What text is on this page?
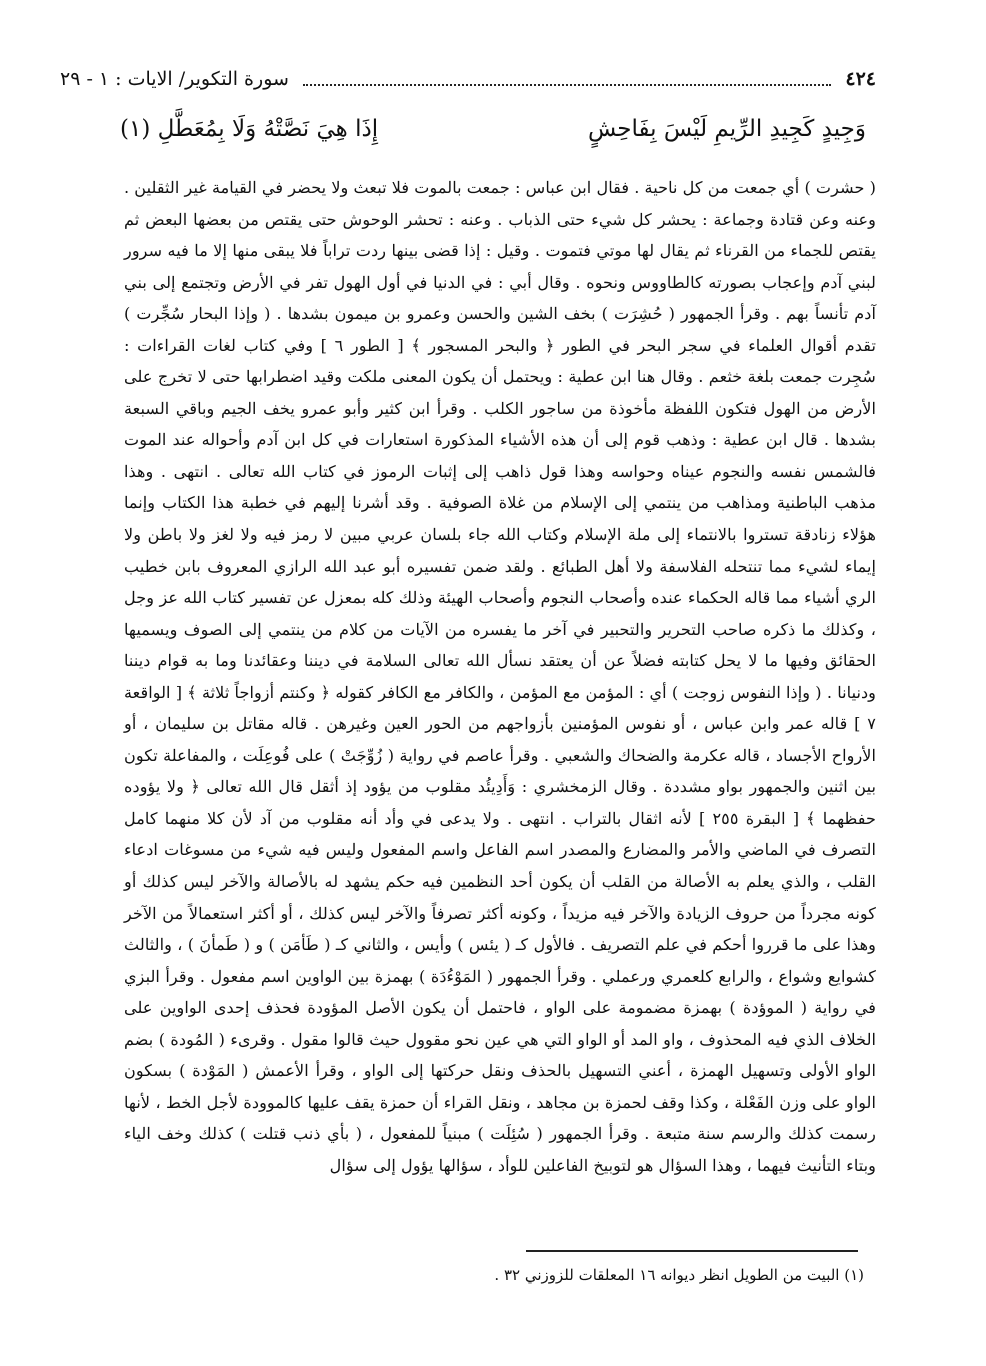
٤٢٤
سورة التكوير/ الايات : ١ - ٢٩
وَجِيدٍ كَجِيدِ الرِّيمِ لَيْسَ بِفَاحِشٍ
إِذَا هِيَ نَصَّتْهُ وَلَا بِمُعَطَّلِ (١)

( حشرت ) أي جمعت من كل ناحية . فقال ابن عباس : جمعت بالموت فلا تبعث ولا يحضر في القيامة غير الثقلين . وعنه وعن قتادة وجماعة : يحشر كل شيء حتى الذباب . وعنه : تحشر الوحوش حتى يقتص من بعضها البعض ثم يقتص للجماء من القرناء ثم يقال لها موتي فتموت . وقيل : إذا قضى بينها ردت تراباً فلا يبقى منها إلا ما فيه سرور لبني آدم وإعجاب بصورته كالطاووس ونحوه . وقال أبي : في الدنيا في أول الهول تفر في الأرض وتجتمع إلى بني آدم تأنساً بهم . وقرأ الجمهور ( حُشِرَت ) بخف الشين والحسن وعمرو بن ميمون بشدها . ( وإذا البحار سُجِّرت ) تقدم أقوال العلماء في سجر البحر في الطور ﴿ والبحر المسجور ﴾ [ الطور ٦ ] وفي كتاب لغات القراءات : سُجِرت جمعت بلغة خثعم . وقال هنا ابن عطية : ويحتمل أن يكون المعنى ملكت وقيد اضطرابها حتى لا تخرج على الأرض من الهول فتكون اللفظة مأخوذة من ساجور الكلب . وقرأ ابن كثير وأبو عمرو يخف الجيم وباقي السبعة بشدها . قال ابن عطية : وذهب قوم إلى أن هذه الأشياء المذكورة استعارات في كل ابن آدم وأحواله عند الموت فالشمس نفسه والنجوم عيناه وحواسه وهذا قول ذاهب إلى إثبات الرموز في كتاب الله تعالى . انتهى . وهذا مذهب الباطنية ومذاهب من ينتمي إلى الإسلام من غلاة الصوفية . وقد أشرنا إليهم في خطبة هذا الكتاب وإنما هؤلاء زنادقة تستروا بالانتماء إلى ملة الإسلام وكتاب الله جاء بلسان عربي مبين لا رمز فيه ولا لغز ولا باطن ولا إيماء لشيء مما تنتحله الفلاسفة ولا أهل الطبائع . ولقد ضمن تفسيره أبو عبد الله الرازي المعروف بابن خطيب الري أشياء مما قاله الحكماء عنده وأصحاب النجوم وأصحاب الهيئة وذلك كله بمعزل عن تفسير كتاب الله عز وجل ، وكذلك ما ذكره صاحب التحرير والتحبير في آخر ما يفسره من الآيات من كلام من ينتمي إلى الصوف ويسميها الحقائق وفيها ما لا يحل كتابته فضلاً عن أن يعتقد نسأل الله تعالى السلامة في ديننا وعقائدنا وما به قوام ديننا ودنيانا . ( وإذا النفوس زوجت ) أي : المؤمن مع المؤمن ، والكافر مع الكافر كقوله ﴿ وكنتم أزواجاً ثلاثة ﴾ [ الواقعة ٧ ] قاله عمر وابن عباس ، أو نفوس المؤمنين بأزواجهم من الحور العين وغيرهن . قاله مقاتل بن سليمان ، أو الأرواح الأجساد ، قاله عكرمة والضحاك والشعبي . وقرأ عاصم في رواية ( زُوِّجَتْ ) على فُوعِلَت ، والمفاعلة تكون بين اثنين والجمهور بواو مشددة . وقال الزمخشري : وَأَدِيئُد مقلوب من يؤود إذ أثقل قال الله تعالى ﴿ ولا يؤوده حفظهما ﴾ [ البقرة ٢٥٥ ] لأنه اثقال بالتراب . انتهى . ولا يدعى في وأد أنه مقلوب من آد لأن كلا منهما كامل التصرف في الماضي والأمر والمضارع والمصدر اسم الفاعل واسم المفعول وليس فيه شيء من مسوغات ادعاء القلب ، والذي يعلم به الأصالة من القلب أن يكون أحد النظمين فيه حكم يشهد له بالأصالة والآخر ليس كذلك أو كونه مجرداً من حروف الزيادة والآخر فيه مزيداً ، وكونه أكثر تصرفاً والآخر ليس كذلك ، أو أكثر استعمالاً من الآخر وهذا على ما قرروا أحكم في علم التصريف . فالأول كـ ( يئس ) وأيس ، والثاني كـ ( طَأمَن ) و ( طَمأنَ ) ، والثالث كشوايع وشواع ، والرابع كلعمري ورعملي . وقرأ الجمهور ( المَوْءُدَة ) بهمزة بين الواوين اسم مفعول . وقرأ البزي في رواية ( الموؤدة ) بهمزة مضمومة على الواو ، فاحتمل أن يكون الأصل المؤودة فحذف إحدى الواوين على الخلاف الذي فيه المحذوف ، واو المد أو الواو التي هي عين نحو مقوول حيث قالوا مقول . وقرىء ( المُودة ) بضم الواو الأولى وتسهيل الهمزة ، أعني التسهيل بالحذف ونقل حركتها إلى الواو ، وقرأ الأعمش ( المَوْدة ) بسكون الواو على وزن الفَعْلة ، وكذا وقف لحمزة بن مجاهد ، ونقل القراء أن حمزة يقف عليها كالموودة لأجل الخط ، لأنها رسمت كذلك والرسم سنة متبعة . وقرأ الجمهور ( سُئِلَت ) مبنياً للمفعول ، ( بأي ذنب قتلت ) كذلك وخف الياء وبتاء التأنيث فيهما ، وهذا السؤال هو لتوبيخ الفاعلين للوأد ، سؤالها يؤول إلى سؤال

(١) البيت من الطويل انظر ديوانه ١٦ المعلقات للزوزني ٣٢ .
